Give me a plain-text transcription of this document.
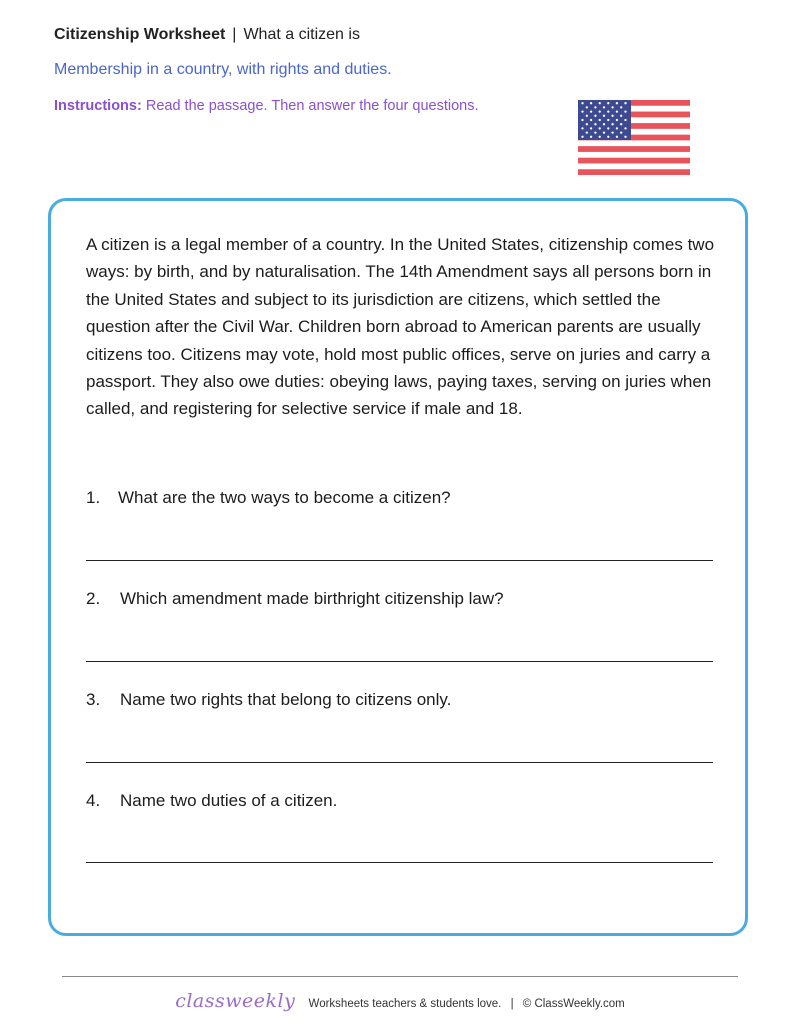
Citizenship Worksheet | What a citizen is
Membership in a country, with rights and duties.
Instructions: Read the passage. Then answer the four questions.

A citizen is a legal member of a country. In the United States, citizenship comes two ways: by birth, and by naturalisation. The 14th Amendment says all persons born in the United States and subject to its jurisdiction are citizens, which settled the question after the Civil War. Children born abroad to American parents are usually citizens too. Citizens may vote, hold most public offices, serve on juries and carry a passport. They also owe duties: obeying laws, paying taxes, serving on juries when called, and registering for selective service if male and 18.

1. What are the two ways to become a citizen?
2. Which amendment made birthright citizenship law?
3. Name two rights that belong to citizens only.
4. Name two duties of a citizen.
classweekly Worksheets teachers & students love. | © ClassWeekly.com
